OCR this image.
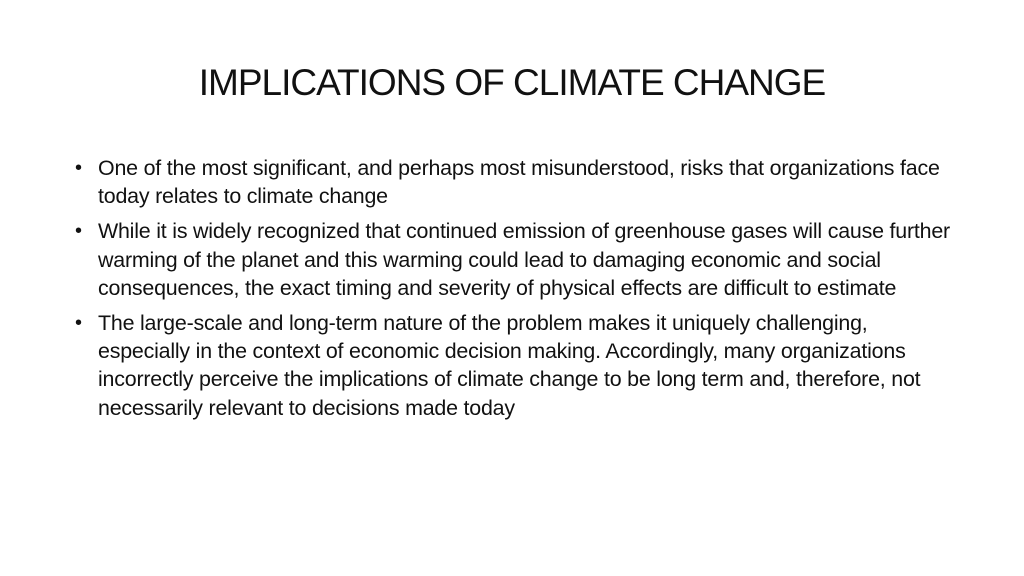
IMPLICATIONS OF CLIMATE CHANGE
• One of the most significant, and perhaps most misunderstood, risks that organizations face today relates to climate change
• While it is widely recognized that continued emission of greenhouse gases will cause further warming of the planet and this warming could lead to damaging economic and social consequences, the exact timing and severity of physical effects are difficult to estimate
• The large-scale and long-term nature of the problem makes it uniquely challenging, especially in the context of economic decision making. Accordingly, many organizations incorrectly perceive the implications of climate change to be long term and, therefore, not necessarily relevant to decisions made today
